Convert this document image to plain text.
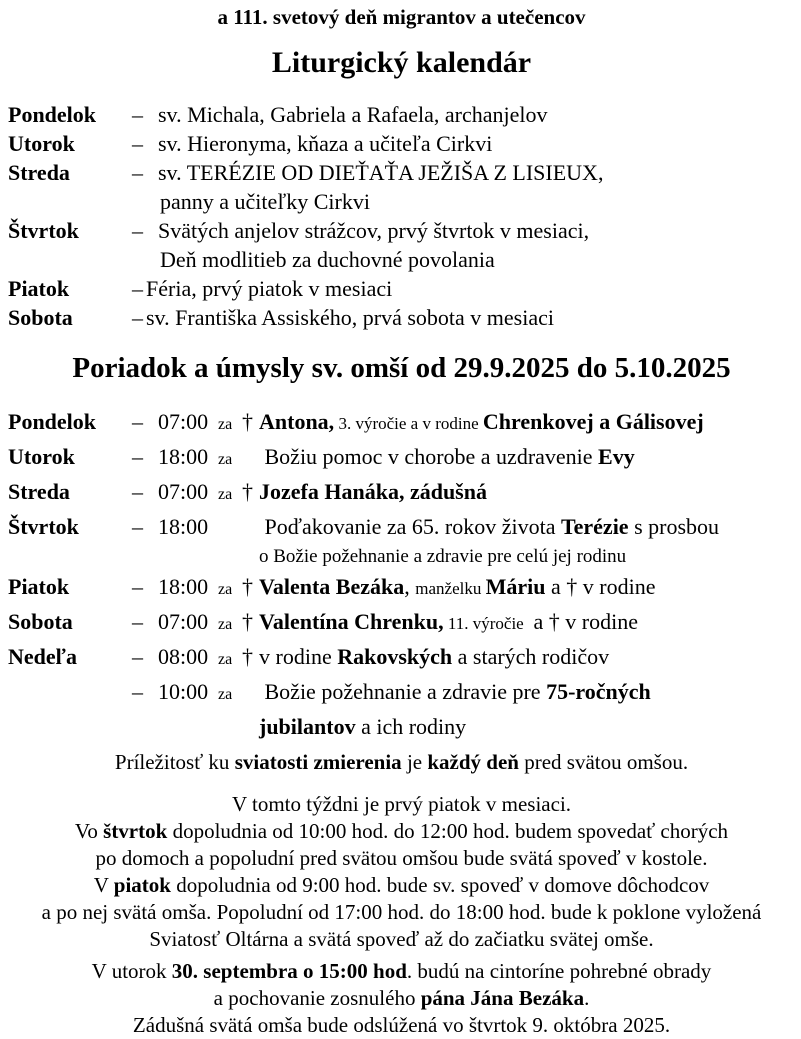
a 111. svetový deň migrantov a utečencov
Liturgický kalendár
Pondelok	– sv. Michala, Gabriela a Rafaela, archanjelov
Utorok	– sv. Hieronyma, kňaza a učiteľa Cirkvi
Streda	– sv. TERÉZIE OD DIEŤAŤA JEŽIŠA Z LISIEUX,
panny a učiteľky Cirkvi
Štvrtok	– Svätých anjelov strážcov, prvý štvrtok v mesiaci,
Deň modlitieb za duchovné povolania
Piatok	– Féria, prvý piatok v mesiaci
Sobota	– sv. Františka Assiského, prvá sobota v mesiaci
Poriadok a úmysly sv. omší od 29.9.2025 do 5.10.2025
Pondelok	– 07:00 za † Antona, 3. výročie a v rodine Chrenkovej a Gálisovej
Utorok	– 18:00 za	Božiu pomoc v chorobe a uzdravenie Evy
Streda	– 07:00 za † Jozefa Hanáka, zádušná
Štvrtok	– 18:00	Poďakovanie za 65. rokov života Terézie s prosbou
o Božie požehnanie a zdravie pre celú jej rodinu
Piatok	– 18:00 za † Valenta Bezáka, manželku Máriu a † v rodine
Sobota	– 07:00 za † Valentína Chrenku, 11. výročie  a † v rodine
Nedeľa	– 08:00 za † v rodine Rakovských a starých rodičov
– 10:00 za	Božie požehnanie a zdravie pre 75-ročných
jubilantov a ich rodiny
Príležitosť ku sviatosti zmierenia je každý deň pred svätou omšou.
V tomto týždni je prvý piatok v mesiaci.
Vo štvrtok dopoludnia od 10:00 hod. do 12:00 hod. budem spovedať chorých
po domoch a popoludní pred svätou omšou bude svätá spoveď v kostole.
V piatok dopoludnia od 9:00 hod. bude sv. spoveď v domove dôchodcov
a po nej svätá omša. Popoludní od 17:00 hod. do 18:00 hod. bude k poklone vyložená
Sviatosť Oltárna a svätá spoveď až do začiatku svätej omše.
V utorok 30. septembra o 15:00 hod. budú na cintoríne pohrebné obrady
a pochovanie zosnulého pána Jána Bezáka.
Zádušná svätá omša bude odslúžená vo štvrtok 9. októbra 2025.
